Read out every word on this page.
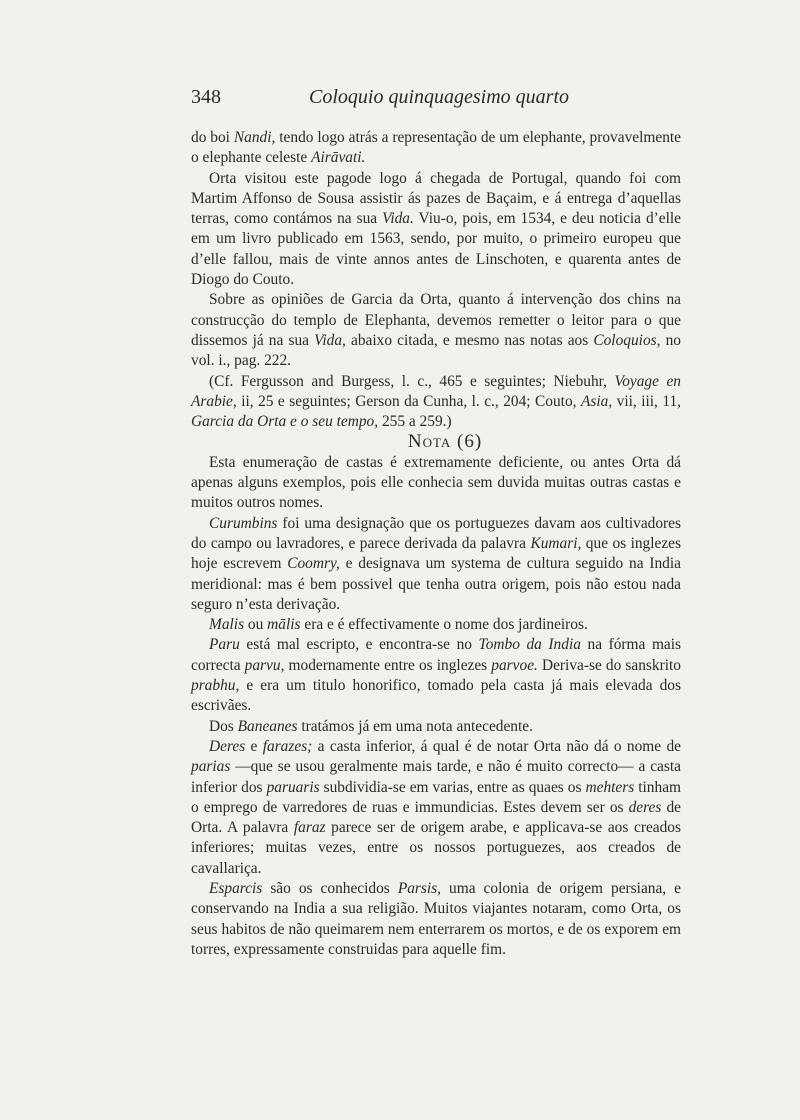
348	Coloquio quinquagesimo quarto

do boi Nandi, tendo logo atrás a representação de um elephante, provavelmente o elephante celeste Airāvati.

Orta visitou este pagode logo á chegada de Portugal, quando foi com Martim Affonso de Sousa assistir ás pazes de Baçaim, e á entrega d’aquellas terras, como contámos na sua Vida. Viu-o, pois, em 1534, e deu noticia d’elle em um livro publicado em 1563, sendo, por muito, o primeiro europeu que d’elle fallou, mais de vinte annos antes de Linschoten, e quarenta antes de Diogo do Couto.

Sobre as opiniões de Garcia da Orta, quanto á intervenção dos chins na construcção do templo de Elephanta, devemos remetter o leitor para o que dissemos já na sua Vida, abaixo citada, e mesmo nas notas aos Coloquios, no vol. i., pag. 222.

(Cf. Fergusson and Burgess, l. c., 465 e seguintes; Niebuhr, Voyage en Arabie, ii, 25 e seguintes; Gerson da Cunha, l. c., 204; Couto, Asia, vii, iii, 11, Garcia da Orta e o seu tempo, 255 a 259.)

Nota (6)

Esta enumeração de castas é extremamente deficiente, ou antes Orta dá apenas alguns exemplos, pois elle conhecia sem duvida muitas outras castas e muitos outros nomes.

Curumbins foi uma designação que os portuguezes davam aos cultivadores do campo ou lavradores, e parece derivada da palavra Kumari, que os inglezes hoje escrevem Coomry, e designava um systema de cultura seguido na India meridional: mas é bem possivel que tenha outra origem, pois não estou nada seguro n’esta derivação.

Malis ou mālis era e é effectivamente o nome dos jardineiros.

Paru está mal escripto, e encontra-se no Tombo da India na fórma mais correcta parvu, modernamente entre os inglezes parvoe. Deriva-se do sanskrito prabhu, e era um titulo honorifico, tomado pela casta já mais elevada dos escrivães.

Dos Baneanes tratámos já em uma nota antecedente.

Deres e farazes; a casta inferior, á qual é de notar Orta não dá o nome de parias —que se usou geralmente mais tarde, e não é muito correcto— a casta inferior dos paruaris subdividia-se em varias, entre as quaes os mehters tinham o emprego de varredores de ruas e immundicias. Estes devem ser os deres de Orta. A palavra faraz parece ser de origem arabe, e applicava-se aos creados inferiores; muitas vezes, entre os nossos portuguezes, aos creados de cavallariça.

Esparcis são os conhecidos Parsis, uma colonia de origem persiana, e conservando na India a sua religião. Muitos viajantes notaram, como Orta, os seus habitos de não queimarem nem enterrarem os mortos, e de os exporem em torres, expressamente construidas para aquelle fim.
